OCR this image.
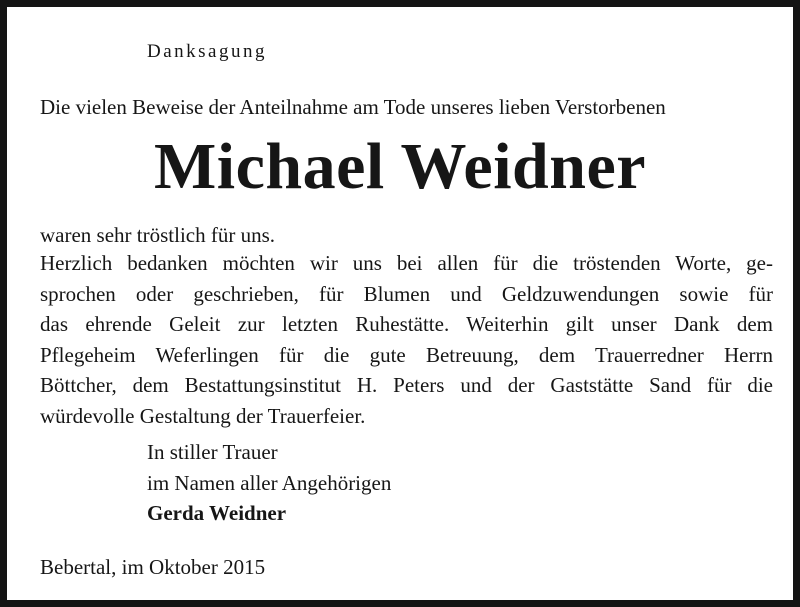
Danksagung

Die vielen Beweise der Anteilnahme am Tode unseres lieben Verstorbenen

Michael Weidner

waren sehr tröstlich für uns.

Herzlich bedanken möchten wir uns bei allen für die tröstenden Worte, ge-
sprochen oder geschrieben, für Blumen und Geldzuwendungen sowie für
das ehrende Geleit zur letzten Ruhestätte. Weiterhin gilt unser Dank dem
Pflegeheim Weferlingen für die gute Betreuung, dem Trauerredner Herrn
Böttcher, dem Bestattungsinstitut H. Peters und der Gaststätte Sand für die
würdevolle Gestaltung der Trauerfeier.

In stiller Trauer

im Namen aller Angehörigen

Gerda Weidner

Bebertal, im Oktober 2015
